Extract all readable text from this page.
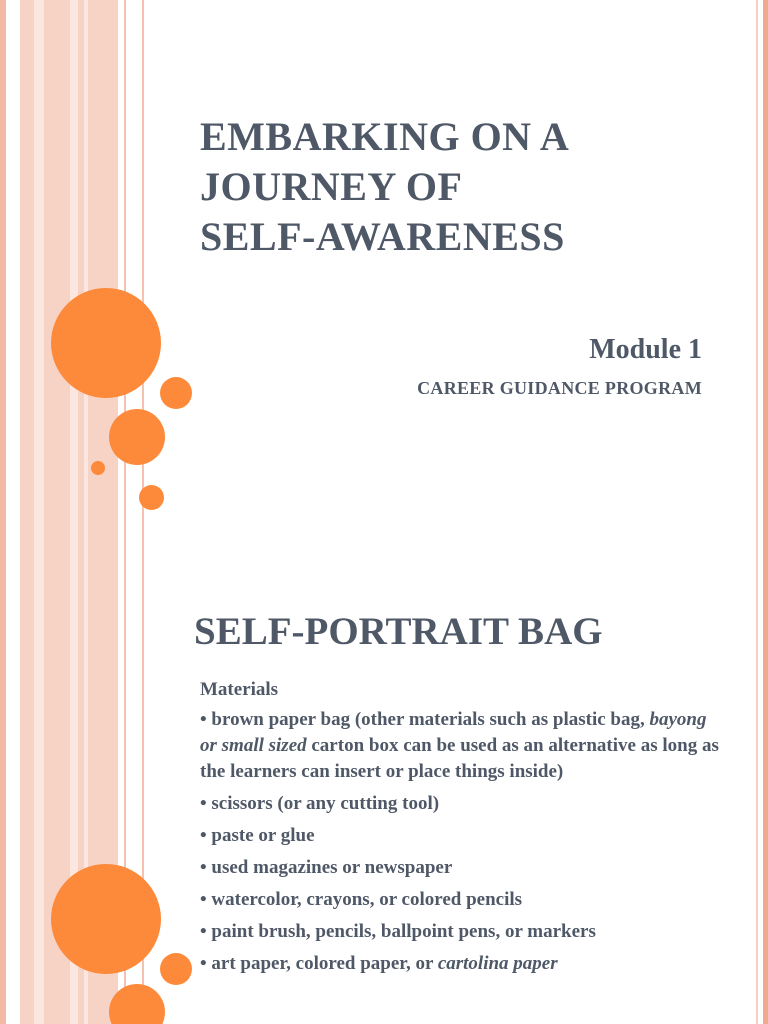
EMBARKING ON A
JOURNEY OF
SELF-AWARENESS

Module 1

CAREER GUIDANCE PROGRAM

SELF-PORTRAIT BAG

Materials

• brown paper bag (other materials such as plastic bag, bayong or small sized carton box can be used as an alternative as long as the learners can insert or place things inside)

• scissors (or any cutting tool)

• paste or glue

• used magazines or newspaper

• watercolor, crayons, or colored pencils

• paint brush, pencils, ballpoint pens, or markers

• art paper, colored paper, or cartolina paper
